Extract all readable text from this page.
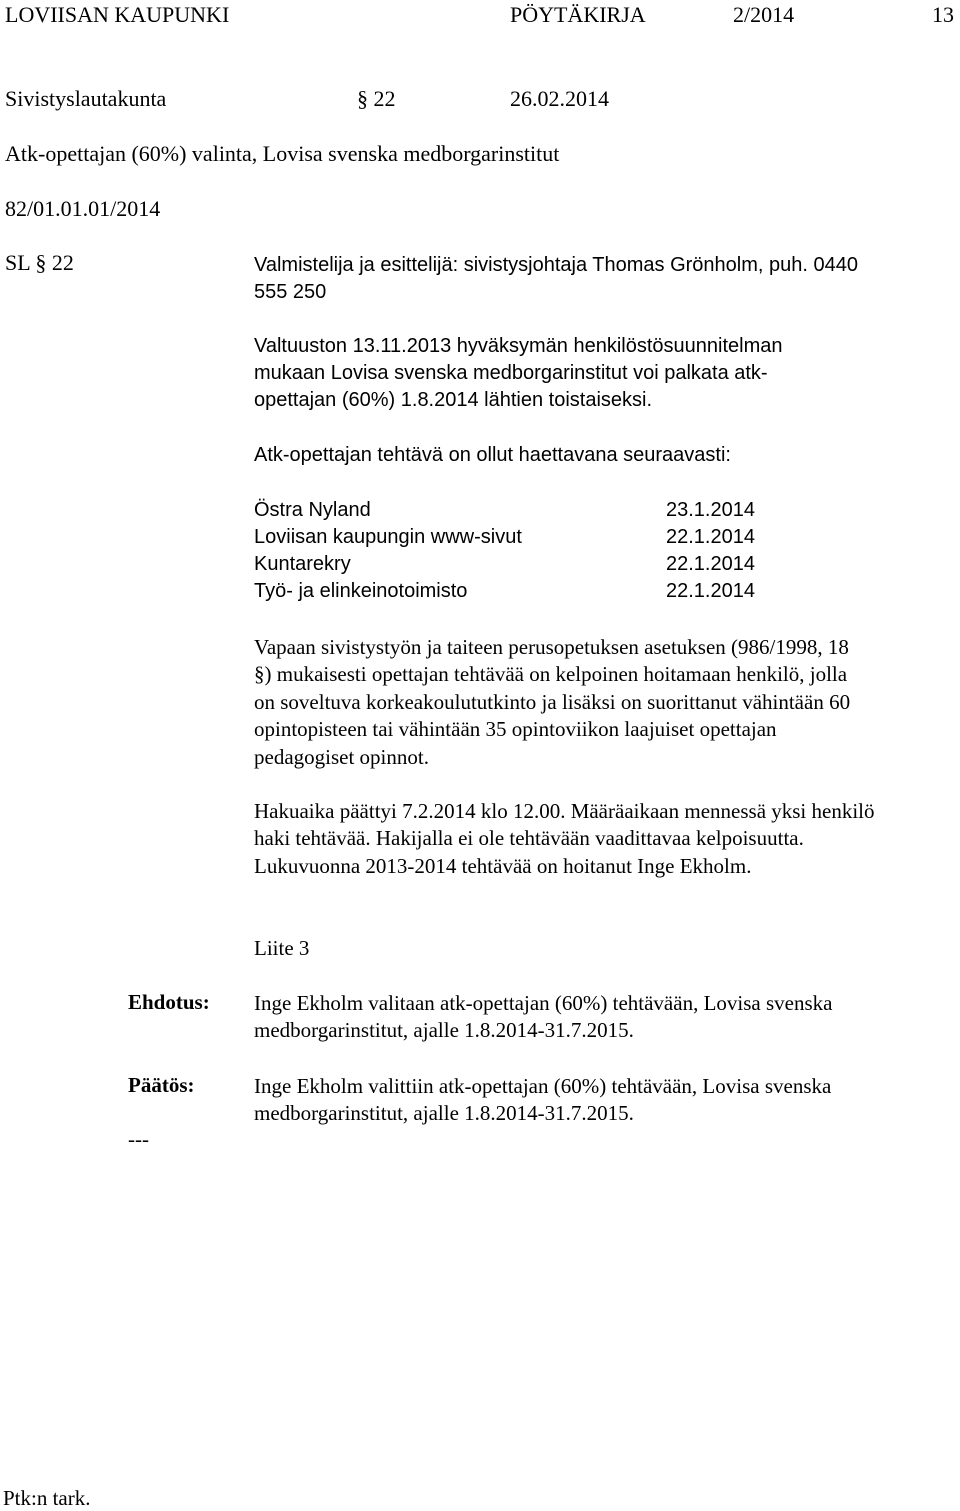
LOVIISAN KAUPUNKI	PÖYTÄKIRJA	2/2014	13
Sivistyslautakunta	§ 22	26.02.2014
Atk-opettajan (60%) valinta, Lovisa svenska medborgarinstitut
82/01.01.01/2014
SL § 22	Valmistelija ja esittelijä: sivistysjohtaja Thomas Grönholm, puh. 0440 555 250
Valtuuston 13.11.2013 hyväksymän henkilöstösuunnitelman mukaan Lovisa svenska medborgarinstitut voi palkata atk-opettajan (60%) 1.8.2014 lähtien toistaiseksi.
Atk-opettajan tehtävä on ollut haettavana seuraavasti:
Östra Nyland	23.1.2014
Loviisan kaupungin www-sivut	22.1.2014
Kuntarekry	22.1.2014
Työ- ja elinkeinotoimisto	22.1.2014
Vapaan sivistystyön ja taiteen perusopetuksen asetuksen (986/1998, 18 §) mukaisesti opettajan tehtävää on kelpoinen hoitamaan henkilö, jolla on soveltuva korkeakoulututkinto ja lisäksi on suorittanut vähintään 60 opintopisteen tai vähintään 35 opintoviikon laajuiset opettajan pedagogiset opinnot.
Hakuaika päättyi 7.2.2014 klo 12.00. Määräaikaan mennessä yksi henkilö haki tehtävää. Hakijalla ei ole tehtävään vaadittavaa kelpoisuutta. Lukuvuonna 2013-2014 tehtävää on hoitanut Inge Ekholm.
Liite 3
Ehdotus: Inge Ekholm valitaan atk-opettajan (60%) tehtävään, Lovisa svenska medborgarinstitut, ajalle 1.8.2014-31.7.2015.
Päätös:	Inge Ekholm valittiin atk-opettajan (60%) tehtävään, Lovisa svenska medborgarinstitut, ajalle 1.8.2014-31.7.2015.
---
Ptk:n tark.
